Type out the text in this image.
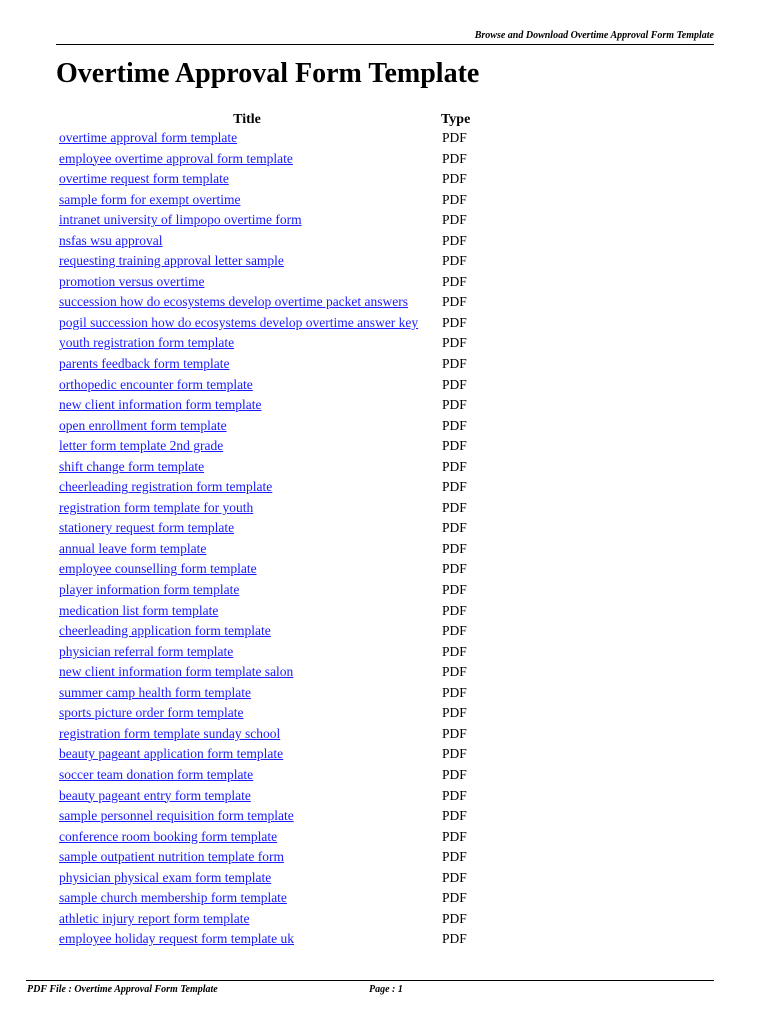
Browse and Download Overtime Approval Form Template
Overtime Approval Form Template
Title	Type
overtime approval form template	PDF
employee overtime approval form template	PDF
overtime request form template	PDF
sample form for exempt overtime	PDF
intranet university of limpopo overtime form	PDF
nsfas wsu approval	PDF
requesting training approval letter sample	PDF
promotion versus overtime	PDF
succession how do ecosystems develop overtime packet answers	PDF
pogil succession how do ecosystems develop overtime answer key PDF
youth registration form template	PDF
parents feedback form template	PDF
orthopedic encounter form template	PDF
new client information form template	PDF
open enrollment form template	PDF
letter form template 2nd grade	PDF
shift change form template	PDF
cheerleading registration form template	PDF
registration form template for youth	PDF
stationery request form template	PDF
annual leave form template	PDF
employee counselling form template	PDF
player information form template	PDF
medication list form template	PDF
cheerleading application form template	PDF
physician referral form template	PDF
new client information form template salon	PDF
summer camp health form template	PDF
sports picture order form template	PDF
registration form template sunday school	PDF
beauty pageant application form template	PDF
soccer team donation form template	PDF
beauty pageant entry form template	PDF
sample personnel requisition form template	PDF
conference room booking form template	PDF
sample outpatient nutrition template form	PDF
physician physical exam form template	PDF
sample church membership form template	PDF
athletic injury report form template	PDF
employee holiday request form template uk	PDF
PDF File : Overtime Approval Form Template	Page : 1
